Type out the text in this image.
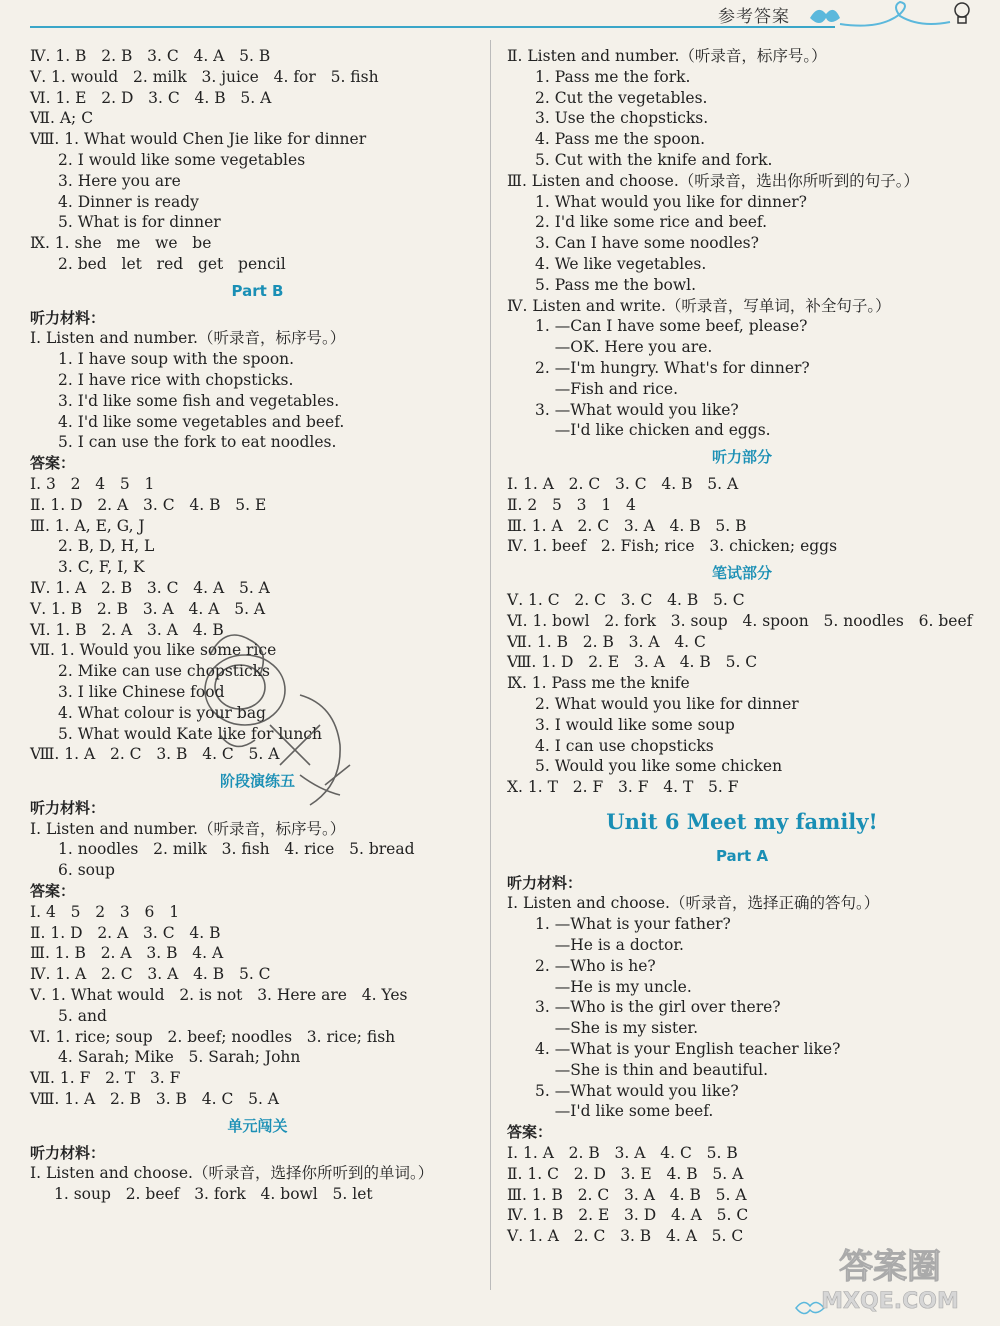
参考答案
Ⅳ. 1. B   2. B   3. C   4. A   5. B
Ⅴ. 1. would   2. milk   3. juice   4. for   5. fish
Ⅵ. 1. E   2. D   3. C   4. B   5. A
Ⅶ. A; C
Ⅷ. 1. What would Chen Jie like for dinner
2. I would like some vegetables
3. Here you are
4. Dinner is ready
5. What is for dinner
Ⅸ. 1. she   me   we   be
2. bed   let   red   get   pencil
Part B
听力材料：
Ⅰ. Listen and number.（听录音，标序号。）
1. I have soup with the spoon.
2. I have rice with chopsticks.
3. I'd like some fish and vegetables.
4. I'd like some vegetables and beef.
5. I can use the fork to eat noodles.
答案：
Ⅰ. 3   2   4   5   1
Ⅱ. 1. D   2. A   3. C   4. B   5. E
Ⅲ. 1. A, E, G, J
2. B, D, H, L
3. C, F, I, K
Ⅳ. 1. A   2. B   3. C   4. A   5. A
Ⅴ. 1. B   2. B   3. A   4. A   5. A
Ⅵ. 1. B   2. A   3. A   4. B
Ⅶ. 1. Would you like some rice
2. Mike can use chopsticks
3. I like Chinese food
4. What colour is your bag
5. What would Kate like for lunch
Ⅷ. 1. A   2. C   3. B   4. C   5. A
阶段演练五
听力材料：
Ⅰ. Listen and number.（听录音，标序号。）
1. noodles   2. milk   3. fish   4. rice   5. bread
6. soup
答案：
Ⅰ. 4   5   2   3   6   1
Ⅱ. 1. D   2. A   3. C   4. B
Ⅲ. 1. B   2. A   3. B   4. A
Ⅳ. 1. A   2. C   3. A   4. B   5. C
Ⅴ. 1. What would   2. is not   3. Here are   4. Yes
5. and
Ⅵ. 1. rice; soup   2. beef; noodles   3. rice; fish
4. Sarah; Mike   5. Sarah; John
Ⅶ. 1. F   2. T   3. F
Ⅷ. 1. A   2. B   3. B   4. C   5. A
单元闯关
听力材料：
Ⅰ. Listen and choose.（听录音，选择你所听到的单词。）
1. soup   2. beef   3. fork   4. bowl   5. let
Ⅱ. Listen and number.（听录音，标序号。）
1. Pass me the fork.
2. Cut the vegetables.
3. Use the chopsticks.
4. Pass me the spoon.
5. Cut with the knife and fork.
Ⅲ. Listen and choose.（听录音，选出你所听到的句子。）
1. What would you like for dinner?
2. I'd like some rice and beef.
3. Can I have some noodles?
4. We like vegetables.
5. Pass me the bowl.
Ⅳ. Listen and write.（听录音，写单词，补全句子。）
1. —Can I have some beef, please?
—OK. Here you are.
2. —I'm hungry. What's for dinner?
—Fish and rice.
3. —What would you like?
—I'd like chicken and eggs.
听力部分
Ⅰ. 1. A   2. C   3. C   4. B   5. A
Ⅱ. 2   5   3   1   4
Ⅲ. 1. A   2. C   3. A   4. B   5. B
Ⅳ. 1. beef   2. Fish; rice   3. chicken; eggs
笔试部分
Ⅴ. 1. C   2. C   3. C   4. B   5. C
Ⅵ. 1. bowl   2. fork   3. soup   4. spoon   5. noodles   6. beef
Ⅶ. 1. B   2. B   3. A   4. C
Ⅷ. 1. D   2. E   3. A   4. B   5. C
Ⅸ. 1. Pass me the knife
2. What would you like for dinner
3. I would like some soup
4. I can use chopsticks
5. Would you like some chicken
Ⅹ. 1. T   2. F   3. F   4. T   5. F
Unit 6 Meet my family!
Part A
听力材料：
Ⅰ. Listen and choose.（听录音，选择正确的答句。）
1. —What is your father?
—He is a doctor.
2. —Who is he?
—He is my uncle.
3. —Who is the girl over there?
—She is my sister.
4. —What is your English teacher like?
—She is thin and beautiful.
5. —What would you like?
—I'd like some beef.
答案：
Ⅰ. 1. A   2. B   3. A   4. C   5. B
Ⅱ. 1. C   2. D   3. E   4. B   5. A
Ⅲ. 1. B   2. C   3. A   4. B   5. A
Ⅳ. 1. B   2. E   3. D   4. A   5. C
Ⅴ. 1. A   2. C   3. B   4. A   5. C
答案圈
MXQE.COM
